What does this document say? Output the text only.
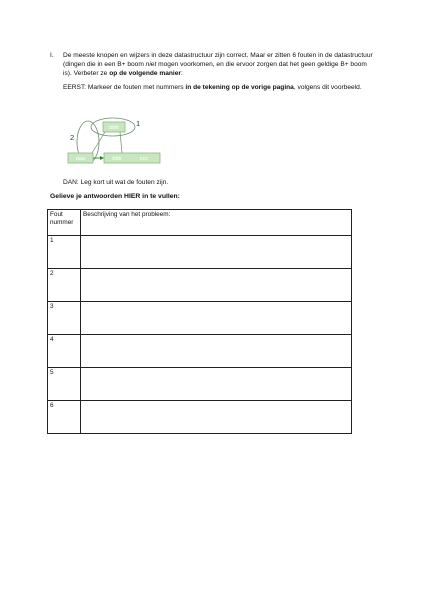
I. De meeste knopen en wijzers in deze datastructuur zijn correct. Maar er zitten 6 fouten in de datastructuur (dingen die in een B+ boom niet mogen voorkomen, en die ervoor zorgen dat het geen geldige B+ boom is). Verbeter ze op de volgende manier:
EERST: Markeer de fouten met nummers in de tekening op de vorige pagina, volgens dit voorbeeld.
bbb
aaa	bbb	ccc
1
2
DAN: Leg kort uit wat de fouten zijn.
Gelieve je antwoorden HIER in te vullen:
Fout nummer	Beschrijving van het probleem:
1	
2	
3	
4	
5	
6	
